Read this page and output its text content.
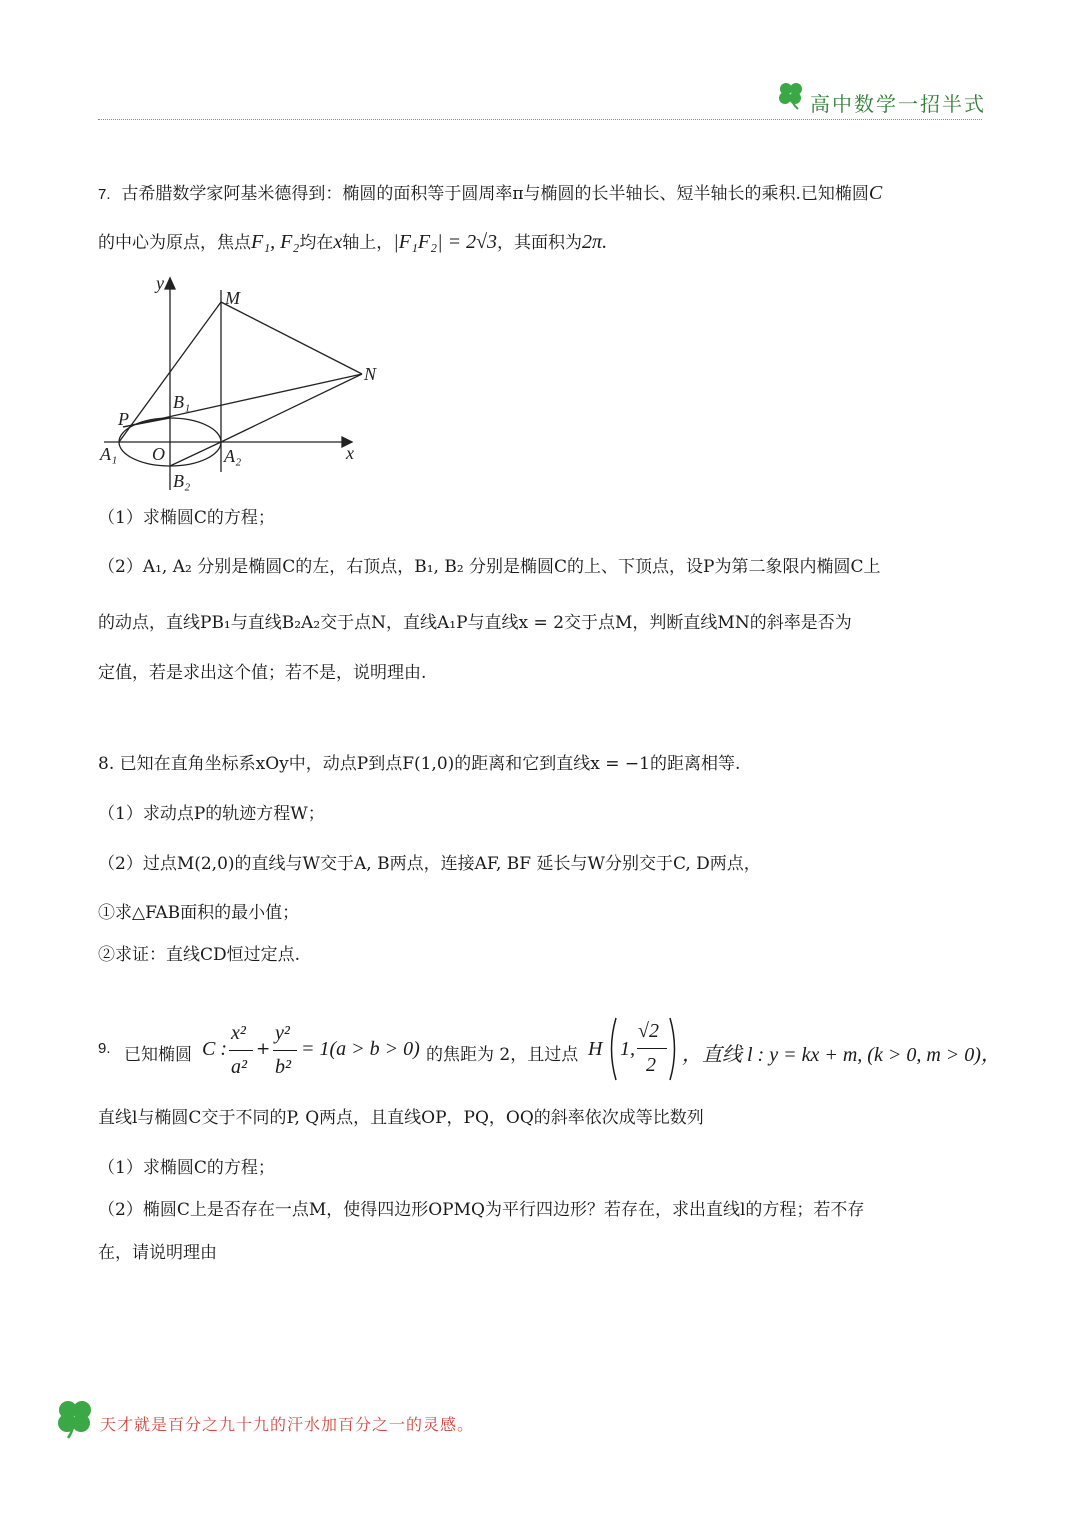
高中数学一招半式
7. 古希腊数学家阿基米德得到：椭圆的面积等于圆周率π与椭圆的长半轴长、短半轴长的乘积.已知椭圆C
的中心为原点，焦点F₁, F₂均在x轴上，|F₁F₂| = 2√3，其面积为2π.
y
x
M
N
P
B₁
B₂
A₁	A₂
O
（1）求椭圆C的方程；
（2）A₁, A₂ 分别是椭圆C的左，右顶点，B₁, B₂ 分别是椭圆C的上、下顶点，设P为第二象限内椭圆C上
的动点，直线PB₁与直线B₂A₂交于点N，直线A₁P与直线x = 2交于点M，判断直线MN的斜率是否为
定值，若是求出这个值；若不是，说明理由.
8. 已知在直角坐标系xOy中，动点P到点F(1,0)的距离和它到直线x = −1的距离相等.
（1）求动点P的轨迹方程W；
（2）过点M(2,0)的直线与W交于A, B两点，连接AF, BF 延长与W分别交于C, D两点，
①求△FAB面积的最小值；
②求证：直线CD恒过定点.
9. 已知椭圆 C :
x²
a²
+
y²
b²
= 1(a > b > 0) 的焦距为 2，且过点 H 1,
√2
2 ，直线 l : y = kx + m, (k > 0, m > 0)，
直线l与椭圆C交于不同的P, Q两点，且直线OP，PQ，OQ的斜率依次成等比数列
（1）求椭圆C的方程；
（2）椭圆C上是否存在一点M，使得四边形OPMQ为平行四边形？若存在，求出直线l的方程；若不存
在，请说明理由
天才就是百分之九十九的汗水加百分之一的灵感。
